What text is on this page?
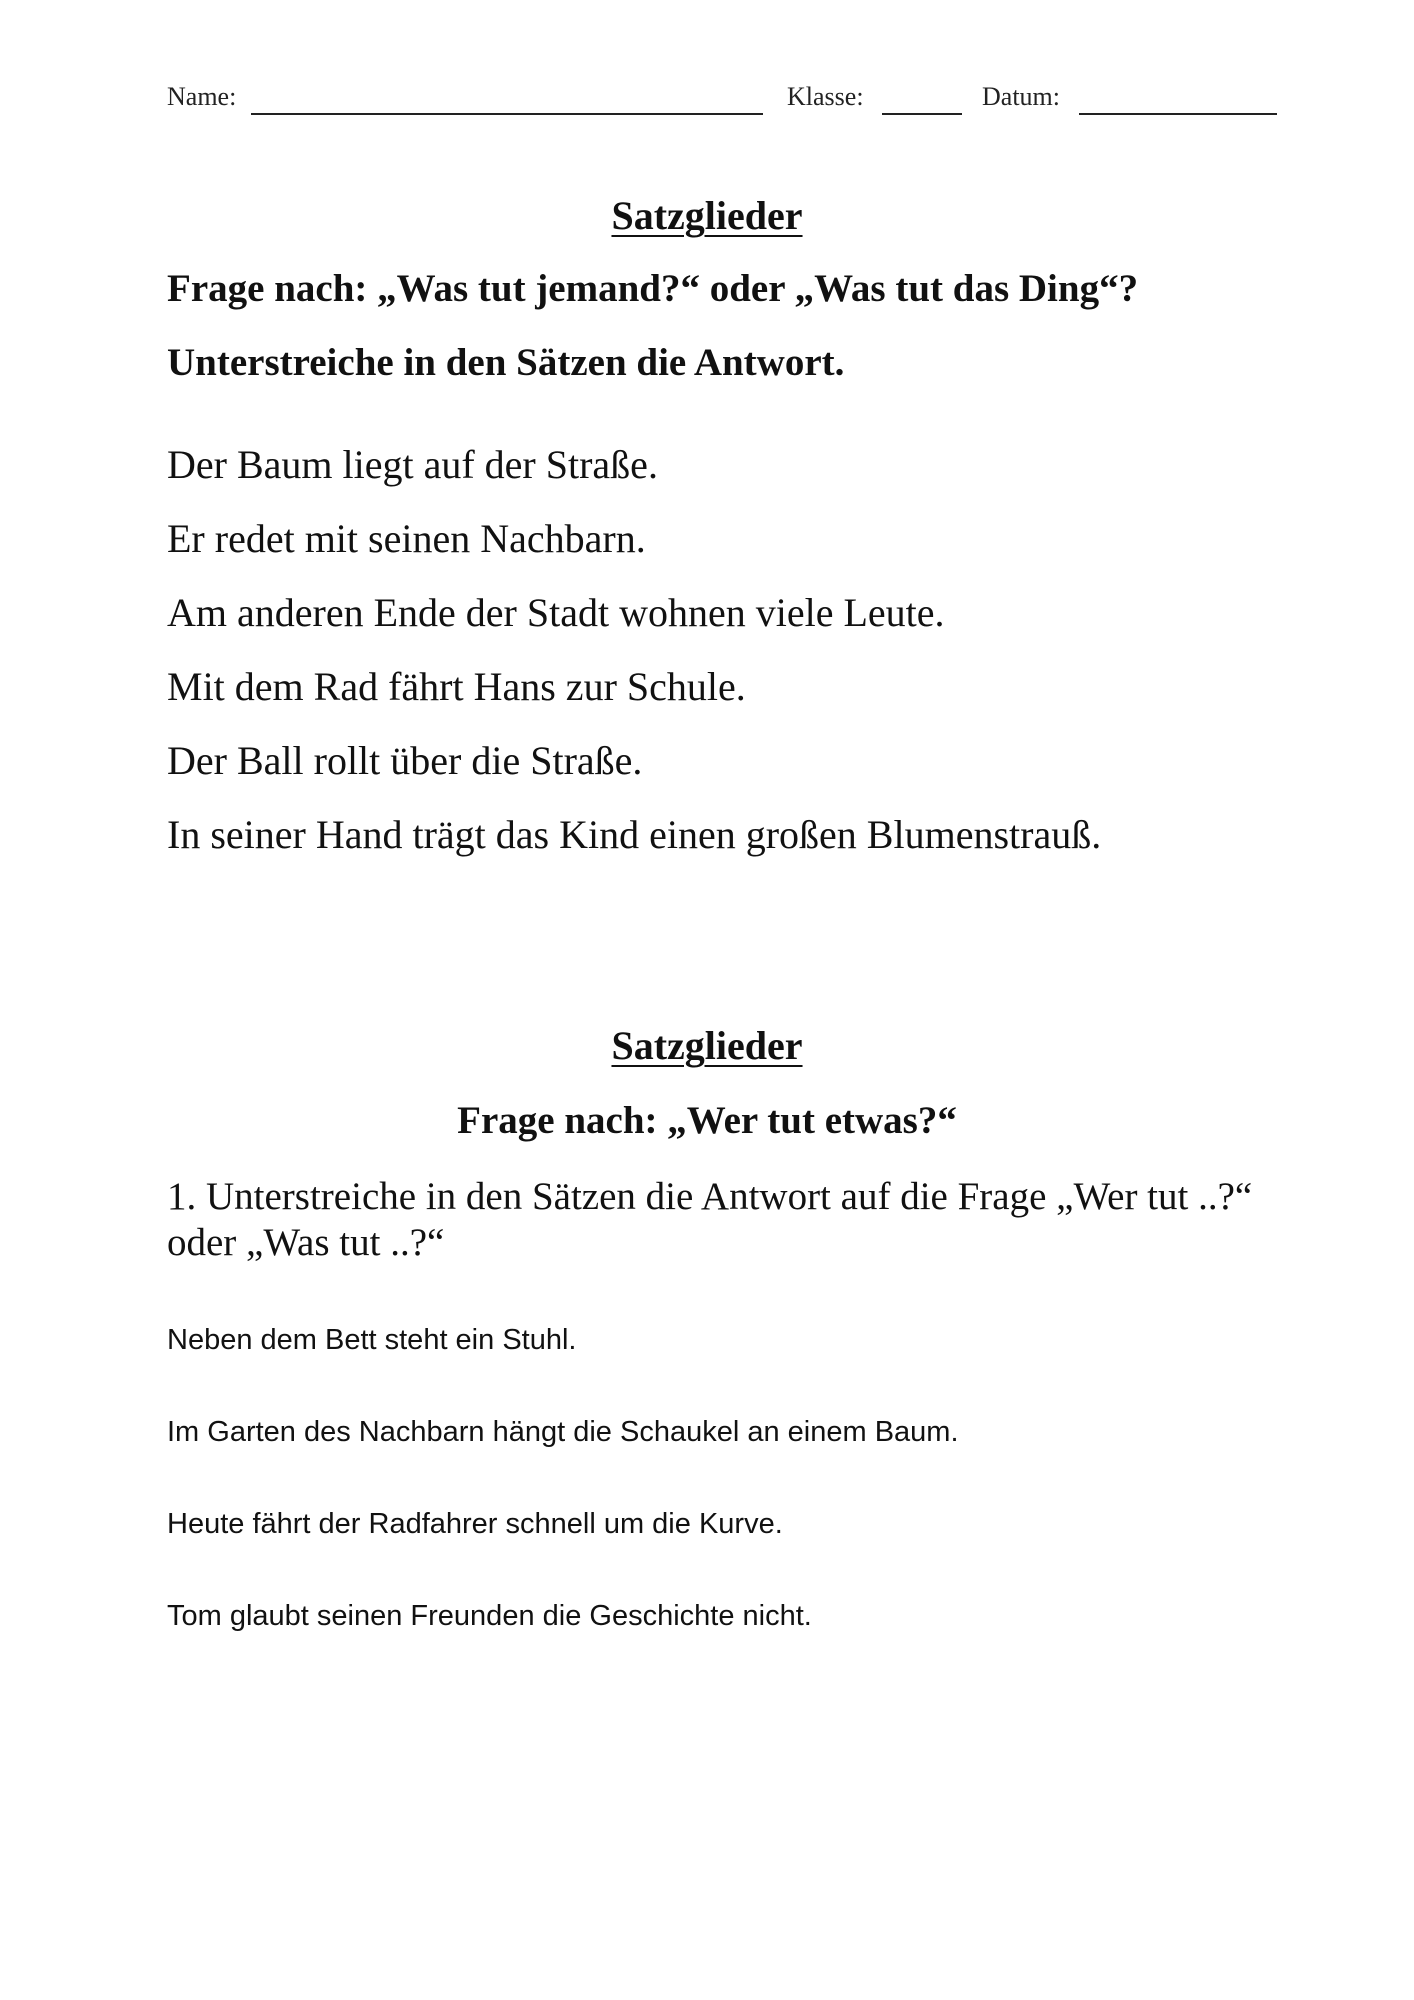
Name:	Klasse:	Datum:
Satzglieder
Frage nach: „Was tut jemand?“ oder „Was tut das Ding“?
Unterstreiche in den Sätzen die Antwort.
Der Baum liegt auf der Straße.
Er redet mit seinen Nachbarn.
Am anderen Ende der Stadt wohnen viele Leute.
Mit dem Rad fährt Hans zur Schule.
Der Ball rollt über die Straße.
In seiner Hand trägt das Kind einen großen Blumenstrauß.
Satzglieder
Frage nach: „Wer tut etwas?“
1. Unterstreiche in den Sätzen die Antwort auf die Frage „Wer tut ..?“ oder „Was tut ..?“
Neben dem Bett steht ein Stuhl.
Im Garten des Nachbarn hängt die Schaukel an einem Baum.
Heute fährt der Radfahrer schnell um die Kurve.
Tom glaubt seinen Freunden die Geschichte nicht.
